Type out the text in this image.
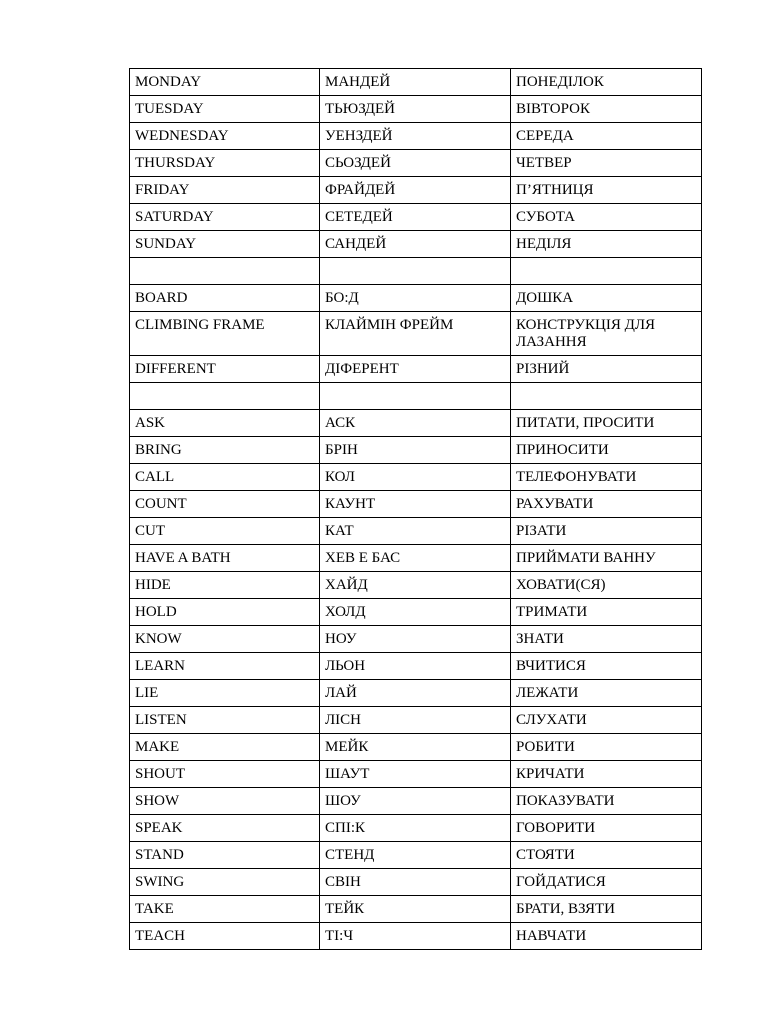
MONDAY	МАНДЕЙ	ПОНЕДІЛОК
TUESDAY	ТЬЮЗДЕЙ	ВІВТОРОК
WEDNESDAY	УЕНЗДЕЙ	СЕРЕДА
THURSDAY	СЬОЗДЕЙ	ЧЕТВЕР
FRIDAY	ФРАЙДЕЙ	П’ЯТНИЦЯ
SATURDAY	СЕТЕДЕЙ	СУБОТА
SUNDAY	САНДЕЙ	НЕДІЛЯ

BOARD	БО:Д	ДОШКА
CLIMBING FRAME	КЛАЙМІН ФРЕЙМ	КОНСТРУКЦІЯ ДЛЯ ЛАЗАННЯ
DIFFERENT	ДІФЕРЕНТ	РІЗНИЙ

ASK	АСК	ПИТАТИ, ПРОСИТИ
BRING	БРІН	ПРИНОСИТИ
CALL	КОЛ	ТЕЛЕФОНУВАТИ
COUNT	КАУНТ	РАХУВАТИ
CUT	КАТ	РІЗАТИ
HAVE A BATH	ХЕВ Е БАС	ПРИЙМАТИ ВАННУ
HIDE	ХАЙД	ХОВАТИ(СЯ)
HOLD	ХОЛД	ТРИМАТИ
KNOW	НОУ	ЗНАТИ
LEARN	ЛЬОН	ВЧИТИСЯ
LIE	ЛАЙ	ЛЕЖАТИ
LISTEN	ЛІСН	СЛУХАТИ
MAKE	МЕЙК	РОБИТИ
SHOUT	ШАУТ	КРИЧАТИ
SHOW	ШОУ	ПОКАЗУВАТИ
SPEAK	СПІ:К	ГОВОРИТИ
STAND	СТЕНД	СТОЯТИ
SWING	СВІН	ГОЙДАТИСЯ
TAKE	ТЕЙК	БРАТИ, ВЗЯТИ
TEACH	ТІ:Ч	НАВЧАТИ
